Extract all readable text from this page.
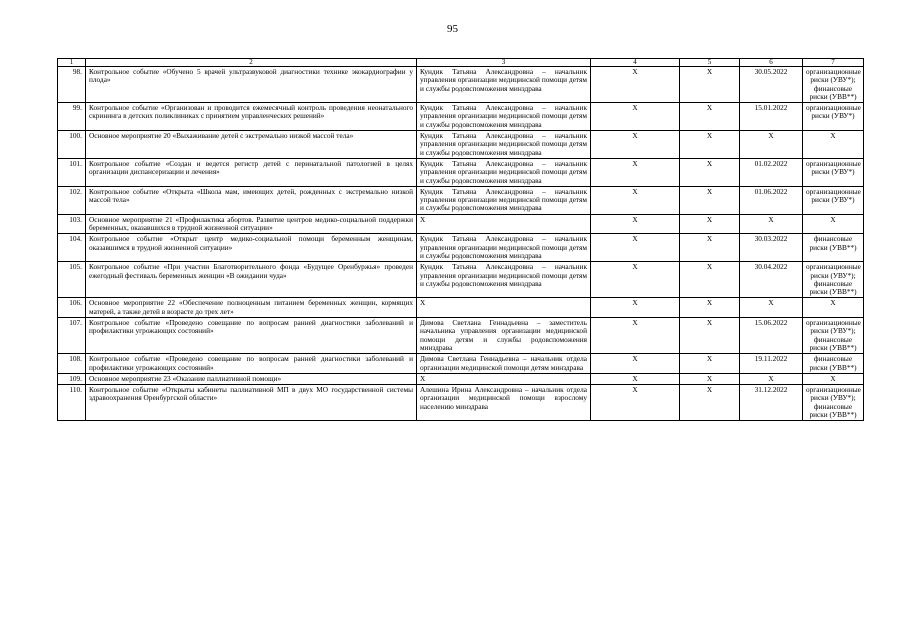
95
1	2	3	4	5	6	7
98.	Контрольное событие «Обучено 5 врачей ультразвуковой диагностики технике экокардиографии у плода»	Кундик Татьяна Александровна – начальник управления организации медицинской помощи детям и службы родовспоможения минздрава	Х	Х	30.05.2022	организационные риски (УВУ*); финансовые риски (УВВ**)
99.	Контрольное событие «Организован и проводится ежемесячный контроль проведения неонатального скрининга в детских поликлиниках с принятием управленческих решений»	Кундик Татьяна Александровна – начальник управления организации медицинской помощи детям и службы родовспоможения минздрава	Х	Х	15.01.2022	организационные риски (УВУ*)
100.	Основное мероприятие 20 «Выхаживание детей с экстремально низкой массой тела»	Кундик Татьяна Александровна – начальник управления организации медицинской помощи детям и службы родовспоможения минздрава	Х	Х	Х	Х
101.	Контрольное событие «Создан и ведется регистр детей с перинатальной патологией в целях организации диспансеризации и лечения»	Кундик Татьяна Александровна – начальник управления организации медицинской помощи детям и службы родовспоможения минздрава	Х	Х	01.02.2022	организационные риски (УВУ*)
102.	Контрольное событие «Открыта «Школа мам, имеющих детей, рожденных с экстремально низкой массой тела»	Кундик Татьяна Александровна – начальник управления организации медицинской помощи детям и службы родовспоможения минздрава	Х	Х	01.06.2022	организационные риски (УВУ*)
103.	Основное мероприятие 21 «Профилактика абортов. Развитие центров медико-социальной поддержки беременных, оказавшихся в трудной жизненной ситуации»	Х	Х	Х	Х	Х
104.	Контрольное событие «Открыт центр медико-социальной помощи беременным женщинам, оказавшимся в трудной жизненной ситуации»	Кундик Татьяна Александровна – начальник управления организации медицинской помощи детям и службы родовспоможения минздрава	Х	Х	30.03.2022	финансовые риски (УВВ**)
105.	Контрольное событие «При участии Благотворительного фонда «Будущее Оренбуржья» проведен ежегодный фестиваль беременных женщин «В ожидании чуда»	Кундик Татьяна Александровна – начальник управления организации медицинской помощи детям и службы родовспоможения минздрава	Х	Х	30.04.2022	организационные риски (УВУ*); финансовые риски (УВВ**)
106.	Основное мероприятие 22 «Обеспечение полноценным питанием беременных женщин, кормящих матерей, а также детей в возрасте до трех лет»	Х	Х	Х	Х	Х
107.	Контрольное событие «Проведено совещание по вопросам ранней диагностики заболеваний и профилактики угрожающих состояний»	Димова Светлана Геннадьевна – заместитель начальника управления организации медицинской помощи детям и службы родовспоможения минздрава	Х	Х	15.06.2022	организационные риски (УВУ*); финансовые риски (УВВ**)
108.	Контрольное событие «Проведено совещание по вопросам ранней диагностики заболеваний и профилактики угрожающих состояний»	Димова Светлана Геннадьевна – начальник отдела организации медицинской помощи детям минздрава	Х	Х	19.11.2022	финансовые риски (УВВ**)
109.	Основное мероприятие 23 «Оказание паллиативной помощи»	Х	Х	Х	Х	Х
110.	Контрольное событие «Открыты кабинеты паллиативной МП в двух МО государственной системы здравоохранения Оренбургской области»	Алешина Ирина Александровна – начальник отдела организации медицинской помощи взрослому населению минздрава	Х	Х	31.12.2022	организационные риски (УВУ*); финансовые риски (УВВ**)
